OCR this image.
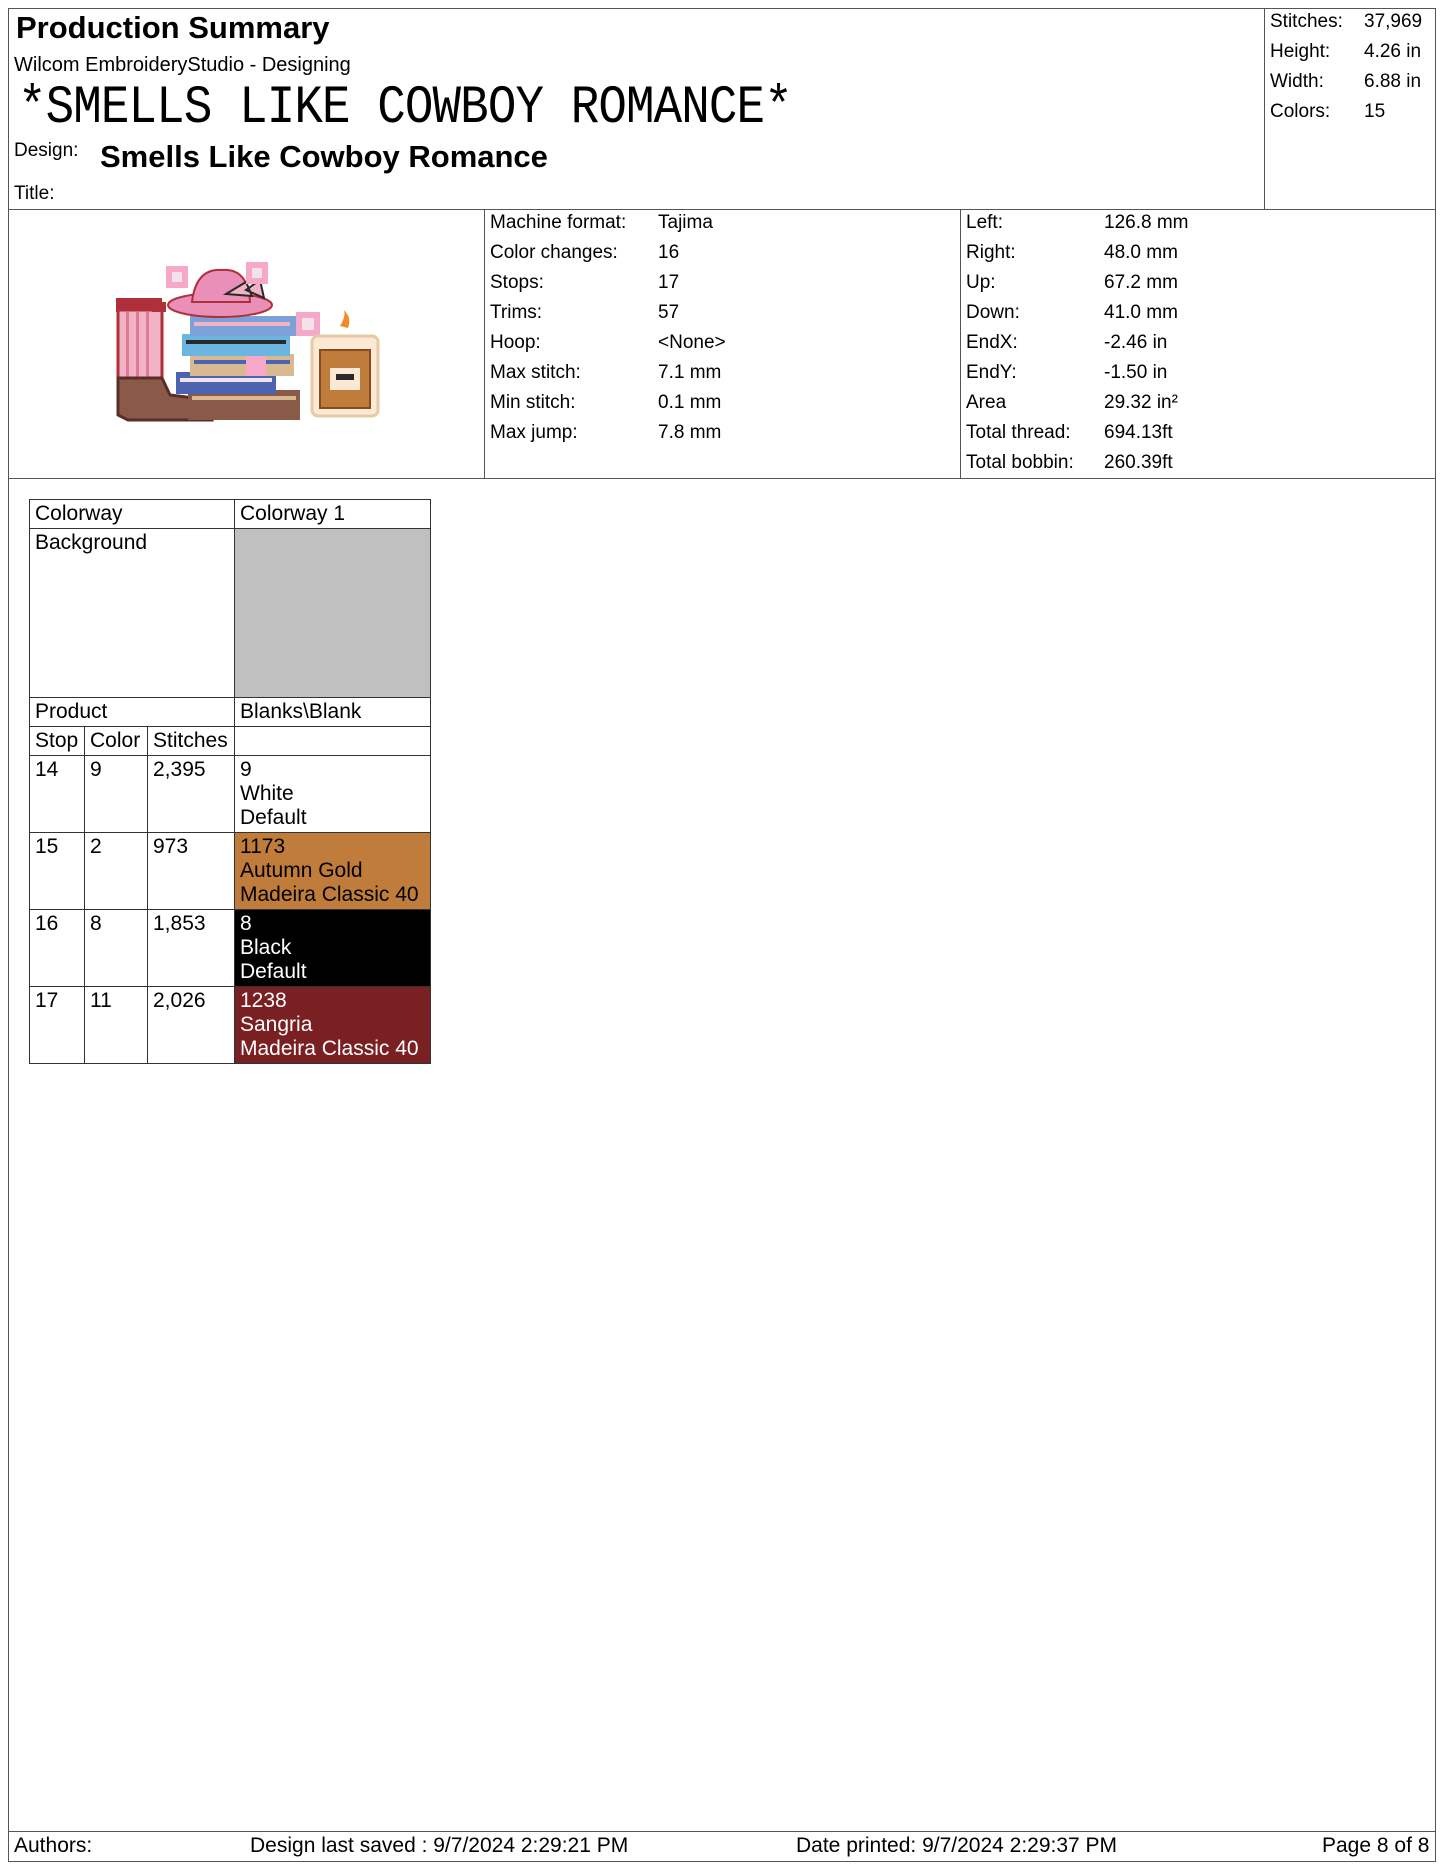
Production Summary
Wilcom EmbroideryStudio - Designing
*SMELLS LIKE COWBOY ROMANCE*
Design: Smells Like Cowboy Romance
Title:
Stitches: 37,969
Height: 4.26 in
Width: 6.88 in
Colors: 15
Machine format: Tajima
Color changes: 16
Stops:	17
Trims:	57
Hoop:	<None>
Max stitch:	7.1 mm
Min stitch:	0.1 mm
Max jump:	7.8 mm
Left:	126.8 mm
Right:	48.0 mm
Up:	67.2 mm
Down:	41.0 mm
EndX:	-2.46 in
EndY:	-1.50 in
Area	29.32 in²
Total thread: 694.13ft
Total bobbin: 260.39ft
Colorway			Colorway 1
Background			
Product			Blanks\Blank
Stop	Color	Stitches	
14	9	2,395	9
White
Default

15	2	973	1173
Autumn Gold
Madeira Classic 40

16	8	1,853	8
Black
Default

17	11	2,026	1238
Sangria
Madeira Classic 40
Authors:	Design last saved : 9/7/2024 2:29:21 PM	Date printed: 9/7/2024 2:29:37 PM	Page 8 of 8
